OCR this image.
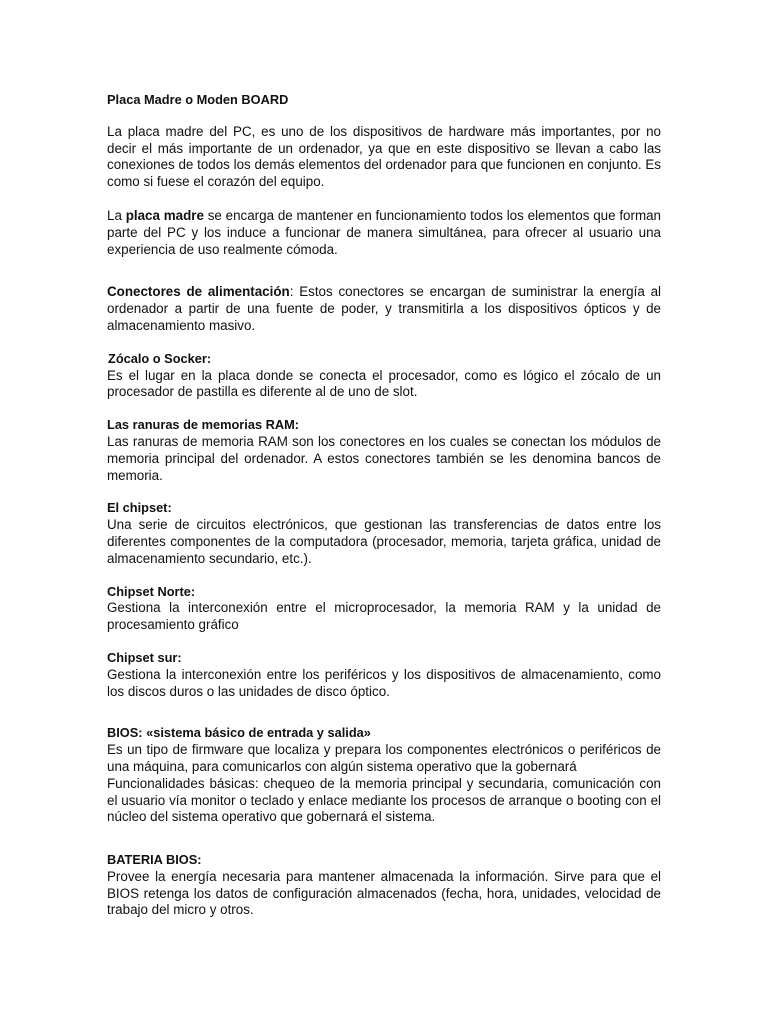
Placa Madre o Moden BOARD

La placa madre del PC, es uno de los dispositivos de hardware más importantes, por no decir el más importante de un ordenador, ya que en este dispositivo se llevan a cabo las conexiones de todos los demás elementos del ordenador para que funcionen en conjunto. Es como si fuese el corazón del equipo.

La placa madre se encarga de mantener en funcionamiento todos los elementos que forman parte del PC y los induce a funcionar de manera simultánea, para ofrecer al usuario una experiencia de uso realmente cómoda.

Conectores de alimentación: Estos conectores se encargan de suministrar la energía al ordenador a partir de una fuente de poder, y transmitirla a los dispositivos ópticos y de almacenamiento masivo.

Zócalo o Socker:

Es el lugar en la placa donde se conecta el procesador, como es lógico el zócalo de un procesador de pastilla es diferente al de uno de slot.

Las ranuras de memorias RAM:

Las ranuras de memoria RAM son los conectores en los cuales se conectan los módulos de memoria principal del ordenador. A estos conectores también se les denomina bancos de memoria.

El chipset:

Una serie de circuitos electrónicos, que gestionan las transferencias de datos entre los diferentes componentes de la computadora (procesador, memoria, tarjeta gráfica, unidad de almacenamiento secundario, etc.).

Chipset Norte:

Gestiona la interconexión entre el microprocesador, la memoria RAM y la unidad de procesamiento gráfico

Chipset sur:

Gestiona la interconexión entre los periféricos y los dispositivos de almacenamiento, como los discos duros o las unidades de disco óptico.

BIOS: «sistema básico de entrada y salida»

Es un tipo de firmware que localiza y prepara los componentes electrónicos o periféricos de una máquina, para comunicarlos con algún sistema operativo que la gobernará

Funcionalidades básicas: chequeo de la memoria principal y secundaria, comunicación con el usuario vía monitor o teclado y enlace mediante los procesos de arranque o booting con el núcleo del sistema operativo que gobernará el sistema.

BATERIA BIOS:

Provee la energía necesaria para mantener almacenada la información. Sirve para que el BIOS retenga los datos de configuración almacenados (fecha, hora, unidades, velocidad de trabajo del micro y otros.
